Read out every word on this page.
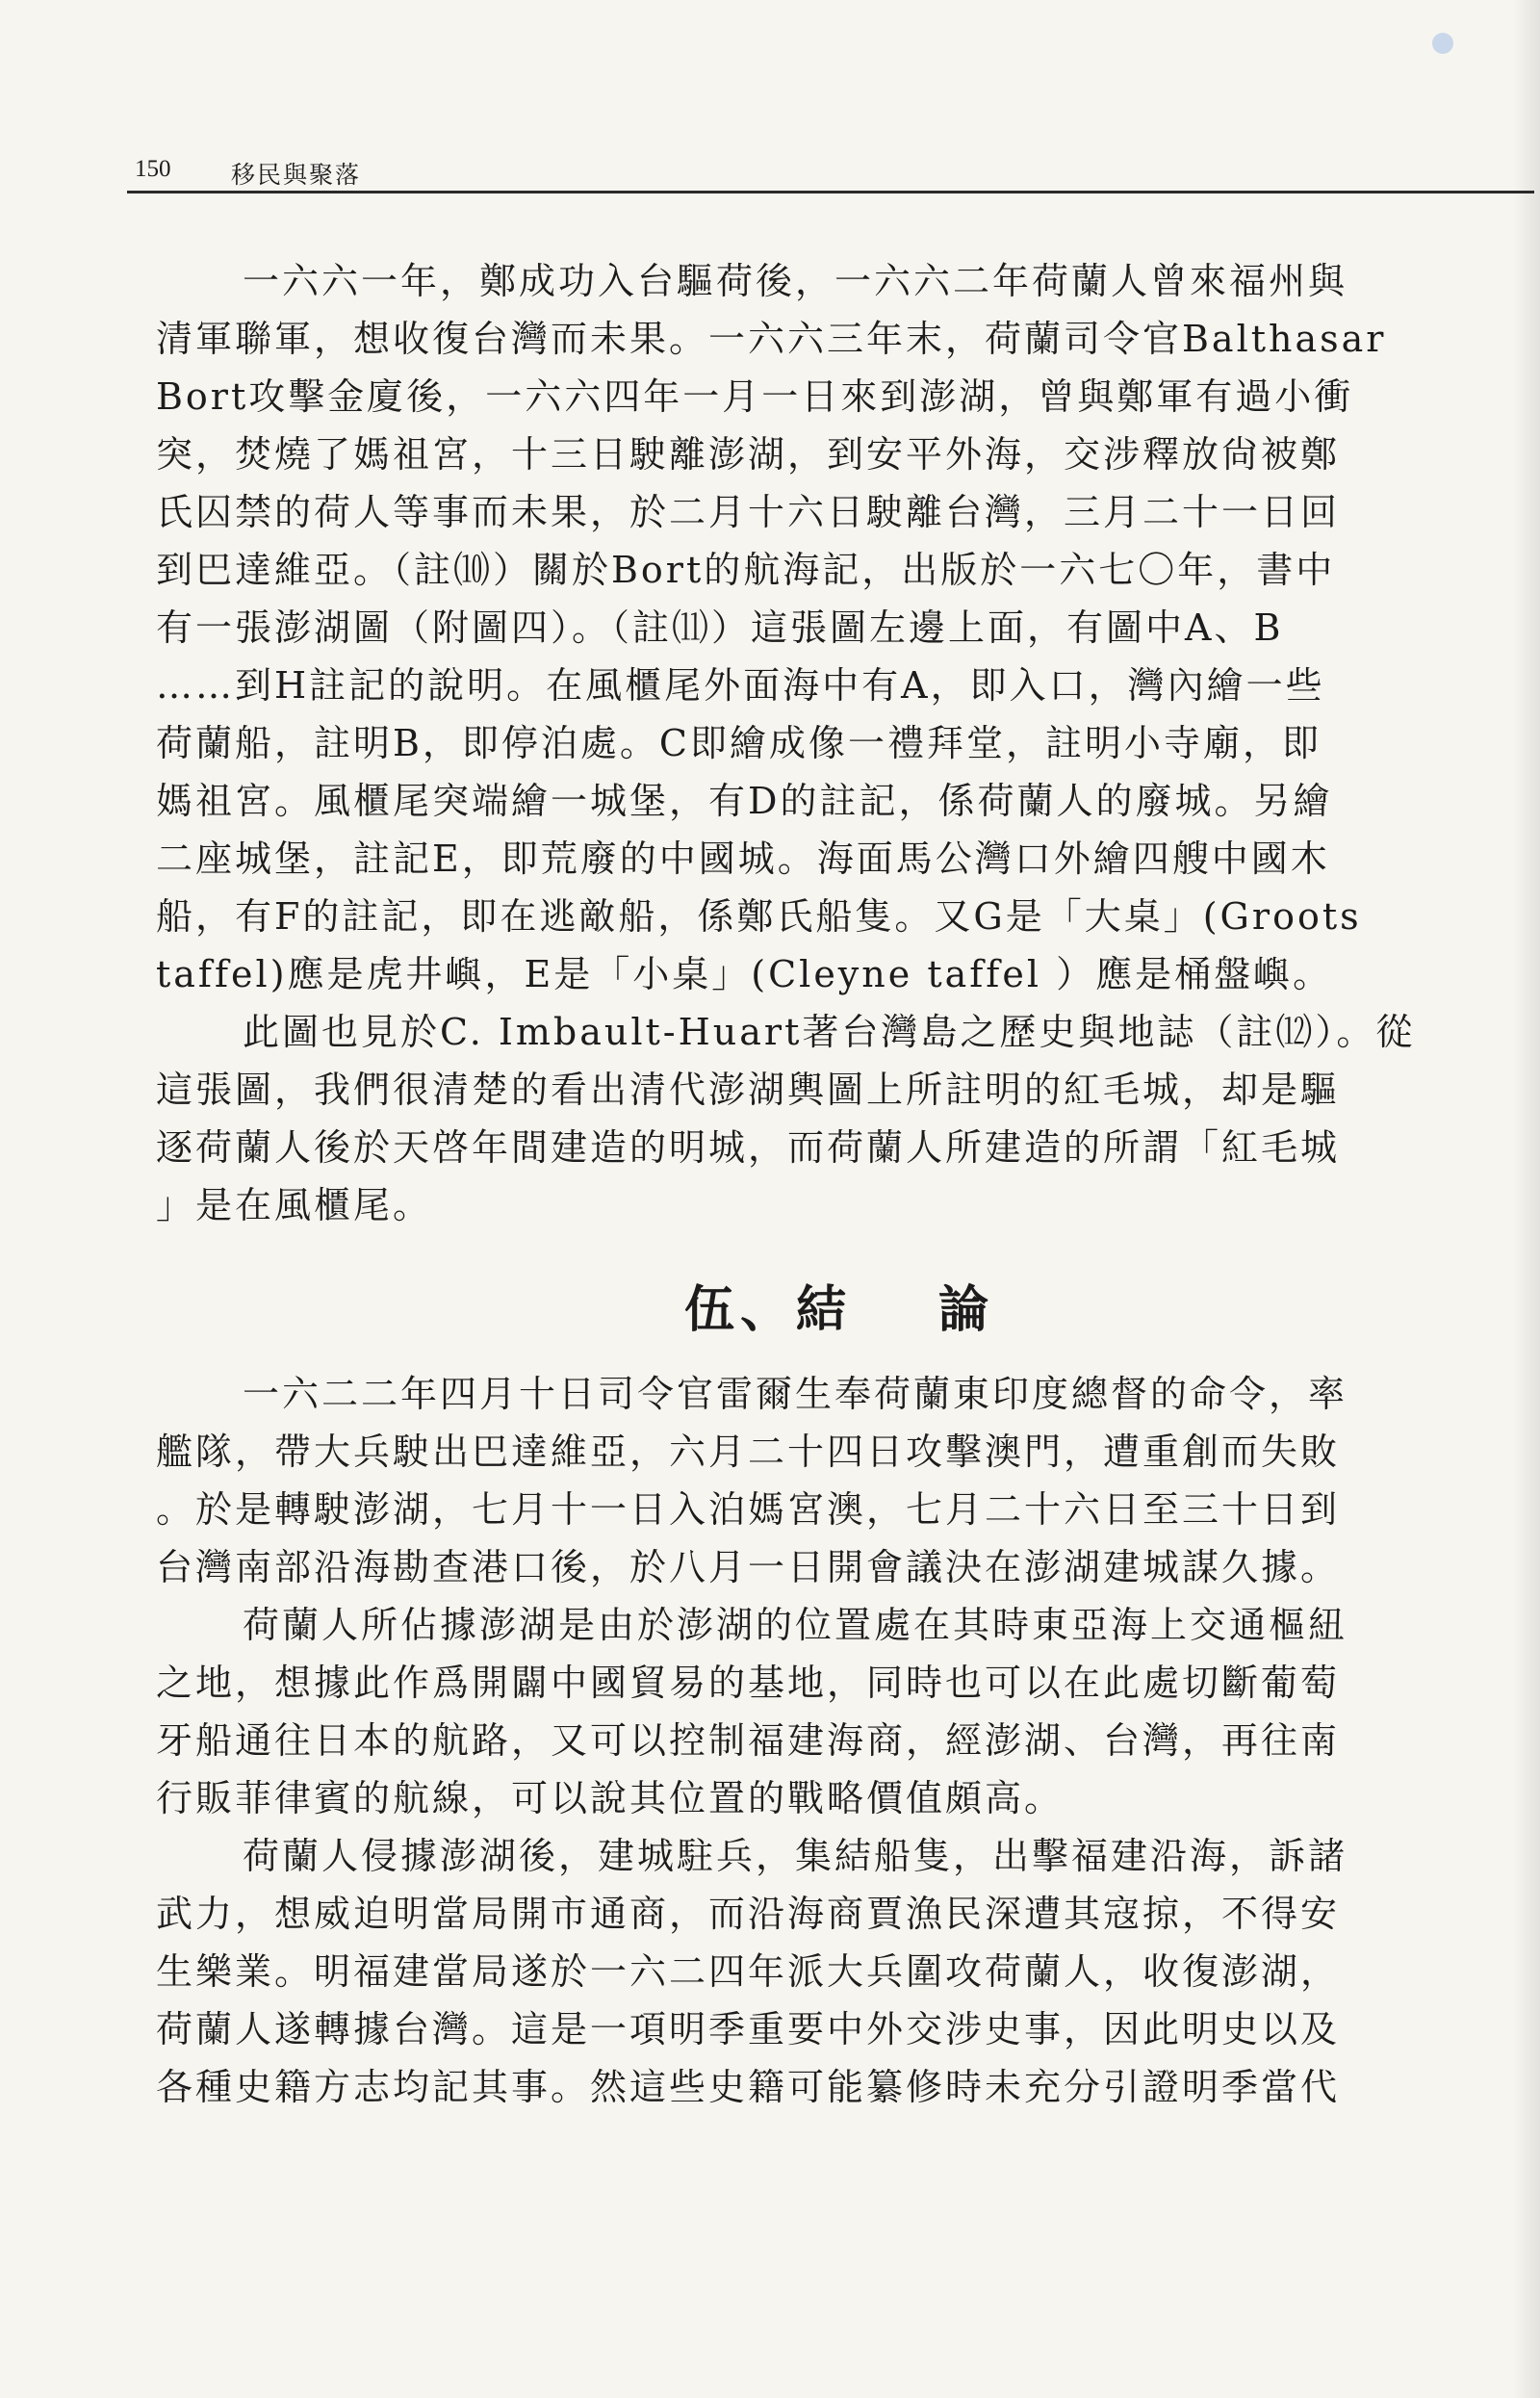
150	移民與聚落
一六六一年，鄭成功入台驅荷後，一六六二年荷蘭人曾來福州與
清軍聯軍，想收復台灣而未果。一六六三年末，荷蘭司令官Balthasar
Bort攻擊金廈後，一六六四年一月一日來到澎湖，曾與鄭軍有過小衝
突，焚燒了媽祖宮，十三日駛離澎湖，到安平外海，交涉釋放尙被鄭
氏囚禁的荷人等事而未果，於二月十六日駛離台灣，三月二十一日回
到巴達維亞。（註⑽）關於Bort的航海記，出版於一六七〇年，書中
有一張澎湖圖（附圖四）。（註⑾）這張圖左邊上面，有圖中A、B
……到H註記的說明。在風櫃尾外面海中有A，即入口，灣內繪一些
荷蘭船，註明B，即停泊處。C即繪成像一禮拜堂，註明小寺廟，即
媽祖宮。風櫃尾突端繪一城堡，有D的註記，係荷蘭人的廢城。另繪
二座城堡，註記E，即荒廢的中國城。海面馬公灣口外繪四艘中國木
船，有F的註記，即在逃敵船，係鄭氏船隻。又G是「大桌」(Groots
taffel)應是虎井嶼，E是「小桌」(Cleyne taffel ）應是桶盤嶼。
此圖也見於C. Imbault-Huart著台灣島之歷史與地誌（註⑿）。從
這張圖，我們很清楚的看出清代澎湖輿圖上所註明的紅毛城，却是驅
逐荷蘭人後於天啓年間建造的明城，而荷蘭人所建造的所謂「紅毛城
」是在風櫃尾。
伍、結 論
一六二二年四月十日司令官雷爾生奉荷蘭東印度總督的命令，率
艦隊，帶大兵駛出巴達維亞，六月二十四日攻擊澳門，遭重創而失敗
。於是轉駛澎湖，七月十一日入泊媽宮澳，七月二十六日至三十日到
台灣南部沿海勘查港口後，於八月一日開會議決在澎湖建城謀久據。
荷蘭人所佔據澎湖是由於澎湖的位置處在其時東亞海上交通樞紐
之地，想據此作爲開闢中國貿易的基地，同時也可以在此處切斷葡萄
牙船通往日本的航路，又可以控制福建海商，經澎湖、台灣，再往南
行販菲律賓的航線，可以說其位置的戰略價值頗高。
荷蘭人侵據澎湖後，建城駐兵，集結船隻，出擊福建沿海，訴諸
武力，想威迫明當局開市通商，而沿海商賈漁民深遭其寇掠，不得安
生樂業。明福建當局遂於一六二四年派大兵圍攻荷蘭人，收復澎湖，
荷蘭人遂轉據台灣。這是一項明季重要中外交涉史事，因此明史以及
各種史籍方志均記其事。然這些史籍可能纂修時未充分引證明季當代
